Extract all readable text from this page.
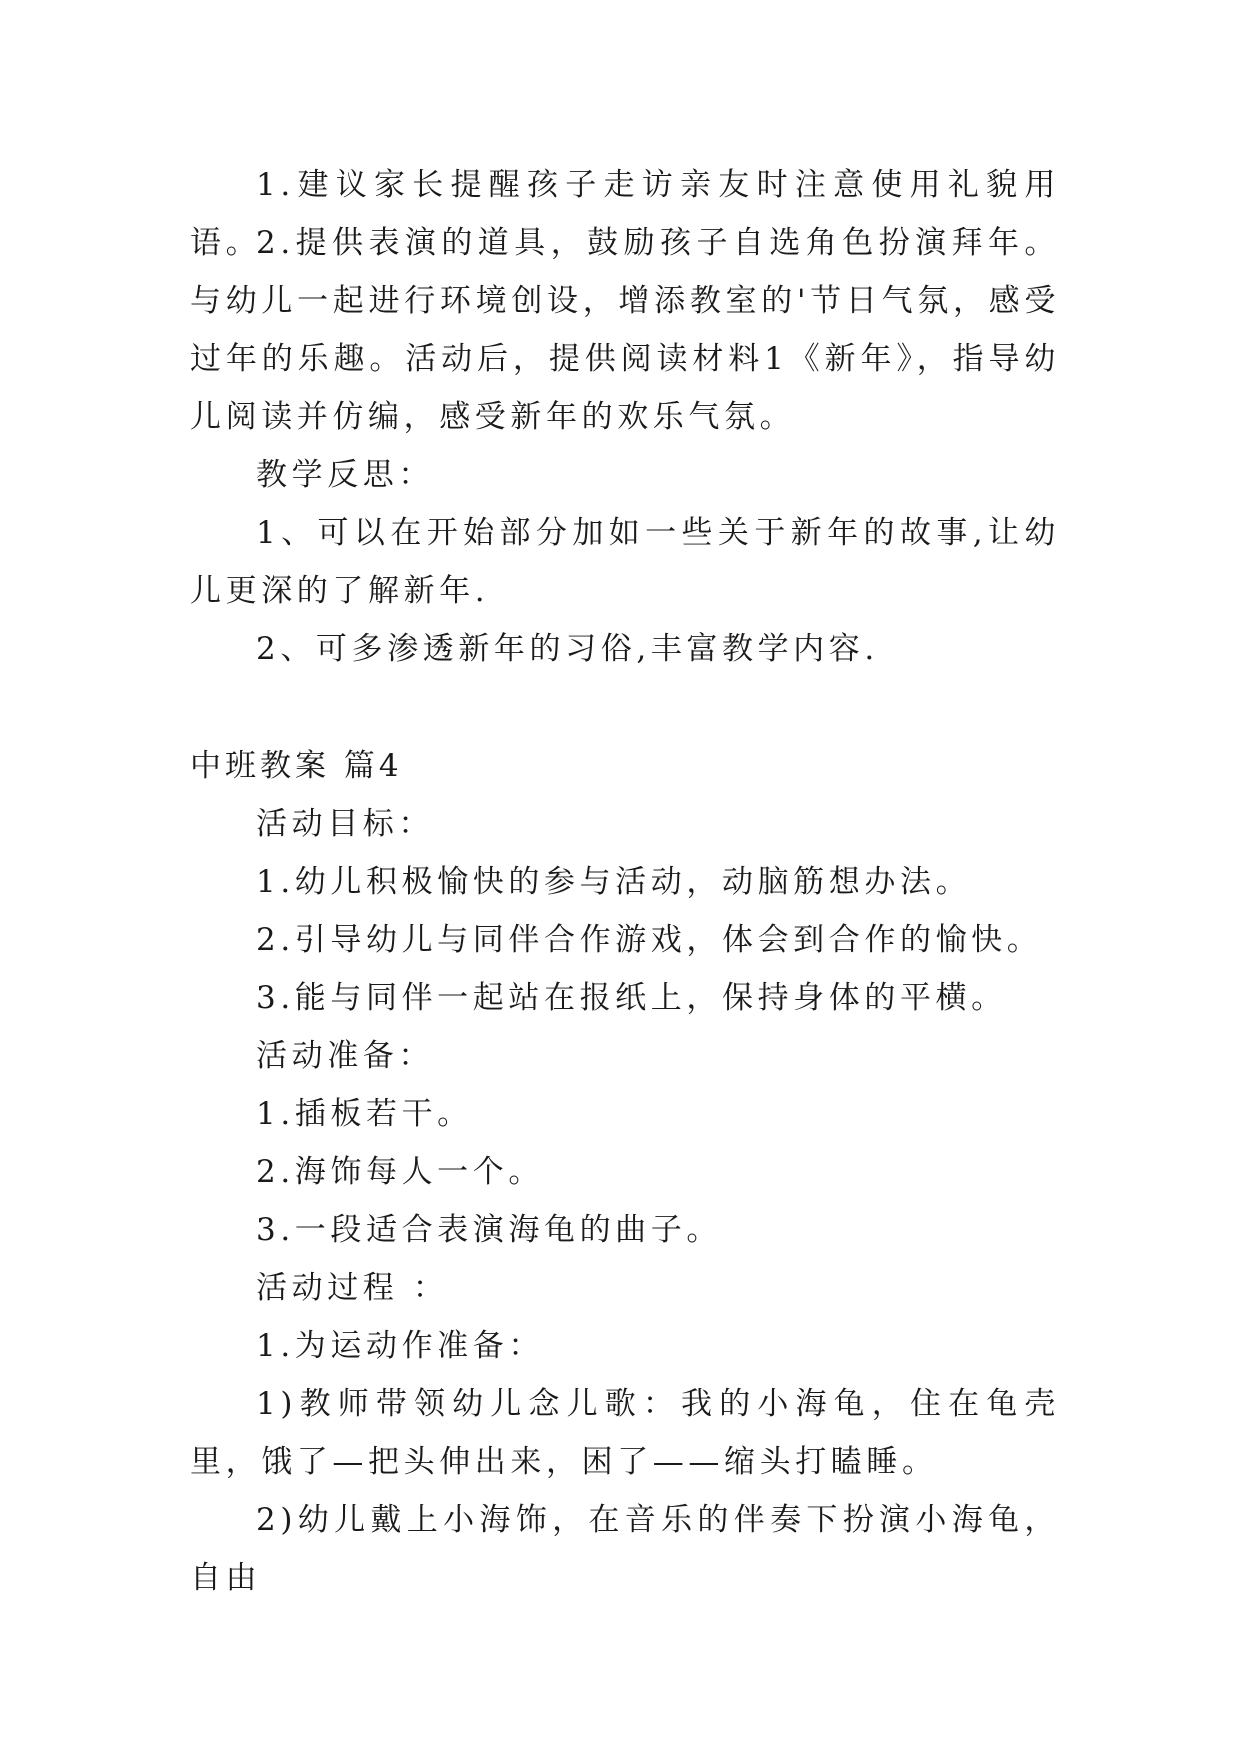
1.建议家长提醒孩子走访亲友时注意使用礼貌用语。

2.提供表演的道具，鼓励孩子自选角色扮演拜年。与幼儿一起进行环境创设，增添教室的'节日气氛，感受过年的乐趣。活动后，提供阅读材料1《新年》，指导幼儿阅读并仿编，感受新年的欢乐气氛。

教学反思：

1、可以在开始部分加如一些关于新年的故事,让幼儿更深的了解新年.

2、可多渗透新年的习俗,丰富教学内容.

中班教案 篇4

活动目标：

1.幼儿积极愉快的参与活动，动脑筋想办法。

2.引导幼儿与同伴合作游戏，体会到合作的愉快。

3.能与同伴一起站在报纸上，保持身体的平横。

活动准备：

1.插板若干。

2.海饰每人一个。

3.一段适合表演海龟的曲子。

活动过程 ：

1.为运动作准备：

1)教师带领幼儿念儿歌：我的小海龟，住在龟壳里，饿了—把头伸出来，困了——缩头打瞌睡。

2)幼儿戴上小海饰，在音乐的伴奏下扮演小海龟，自由
